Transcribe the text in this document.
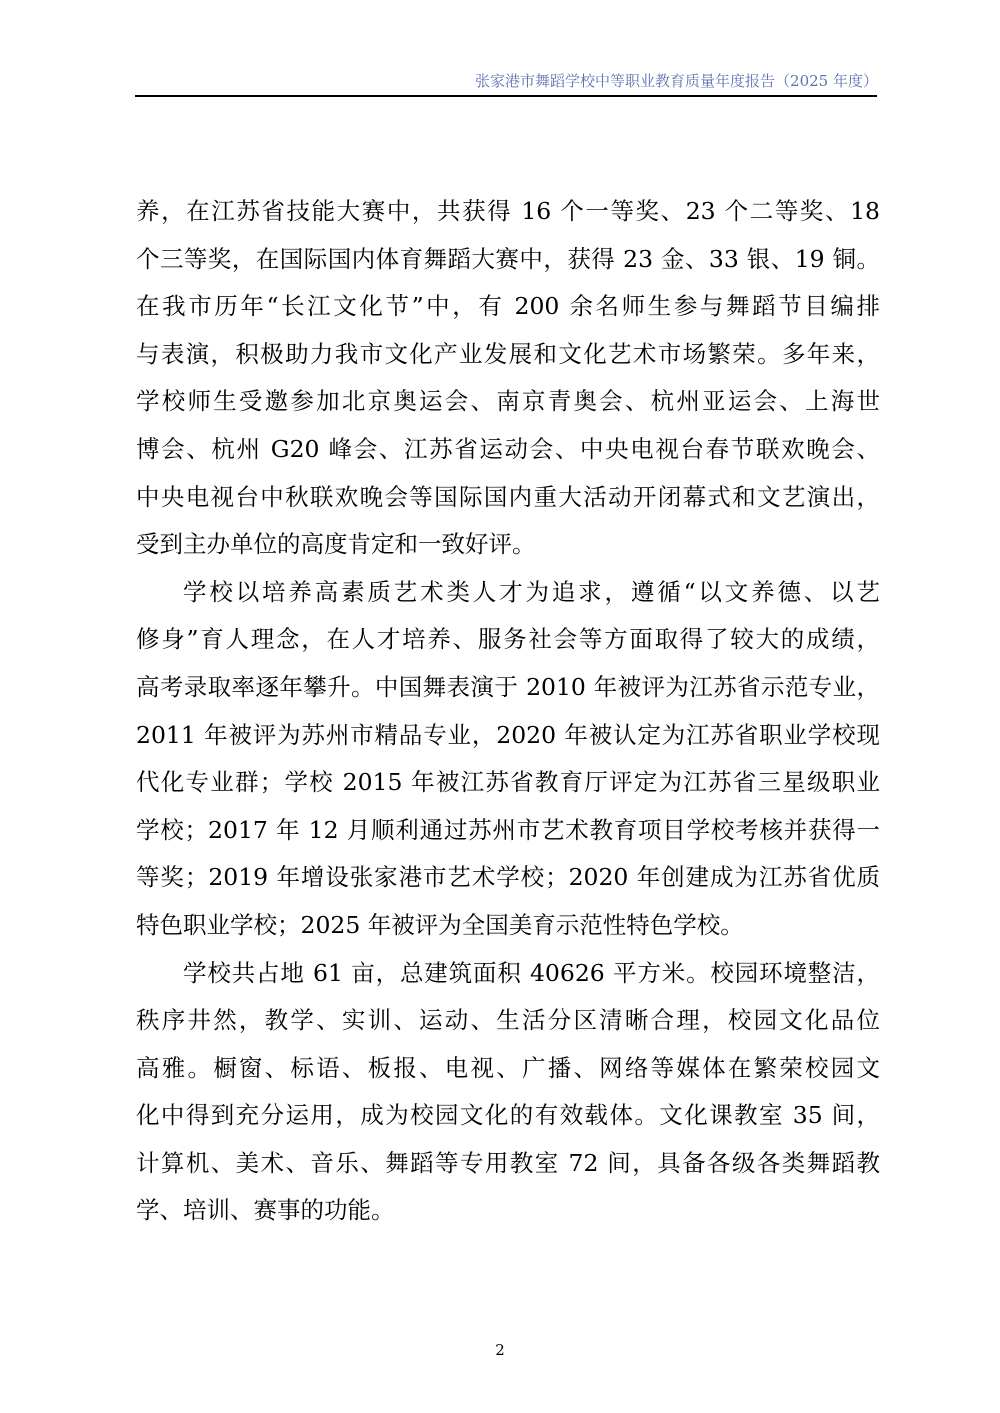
张家港市舞蹈学校中等职业教育质量年度报告（2025 年度）
养，在江苏省技能大赛中，共获得 16 个一等奖、23 个二等奖、18
个三等奖，在国际国内体育舞蹈大赛中，获得 23 金、33 银、19 铜。
在我市历年“长江文化节”中，有 200 余名师生参与舞蹈节目编排
与表演，积极助力我市文化产业发展和文化艺术市场繁荣。多年来，
学校师生受邀参加北京奥运会、南京青奥会、杭州亚运会、上海世
博会、杭州 G20 峰会、江苏省运动会、中央电视台春节联欢晚会、
中央电视台中秋联欢晚会等国际国内重大活动开闭幕式和文艺演出，
受到主办单位的高度肯定和一致好评。
学校以培养高素质艺术类人才为追求，遵循“以文养德、以艺
修身”育人理念，在人才培养、服务社会等方面取得了较大的成绩，
高考录取率逐年攀升。中国舞表演于 2010 年被评为江苏省示范专业，
2011 年被评为苏州市精品专业，2020 年被认定为江苏省职业学校现
代化专业群；学校 2015 年被江苏省教育厅评定为江苏省三星级职业
学校；2017 年 12 月顺利通过苏州市艺术教育项目学校考核并获得一
等奖；2019 年增设张家港市艺术学校；2020 年创建成为江苏省优质
特色职业学校；2025 年被评为全国美育示范性特色学校。
学校共占地 61 亩，总建筑面积 40626 平方米。校园环境整洁，
秩序井然，教学、实训、运动、生活分区清晰合理，校园文化品位
高雅。橱窗、标语、板报、电视、广播、网络等媒体在繁荣校园文
化中得到充分运用，成为校园文化的有效载体。文化课教室 35 间，
计算机、美术、音乐、舞蹈等专用教室 72 间，具备各级各类舞蹈教
学、培训、赛事的功能。
2
